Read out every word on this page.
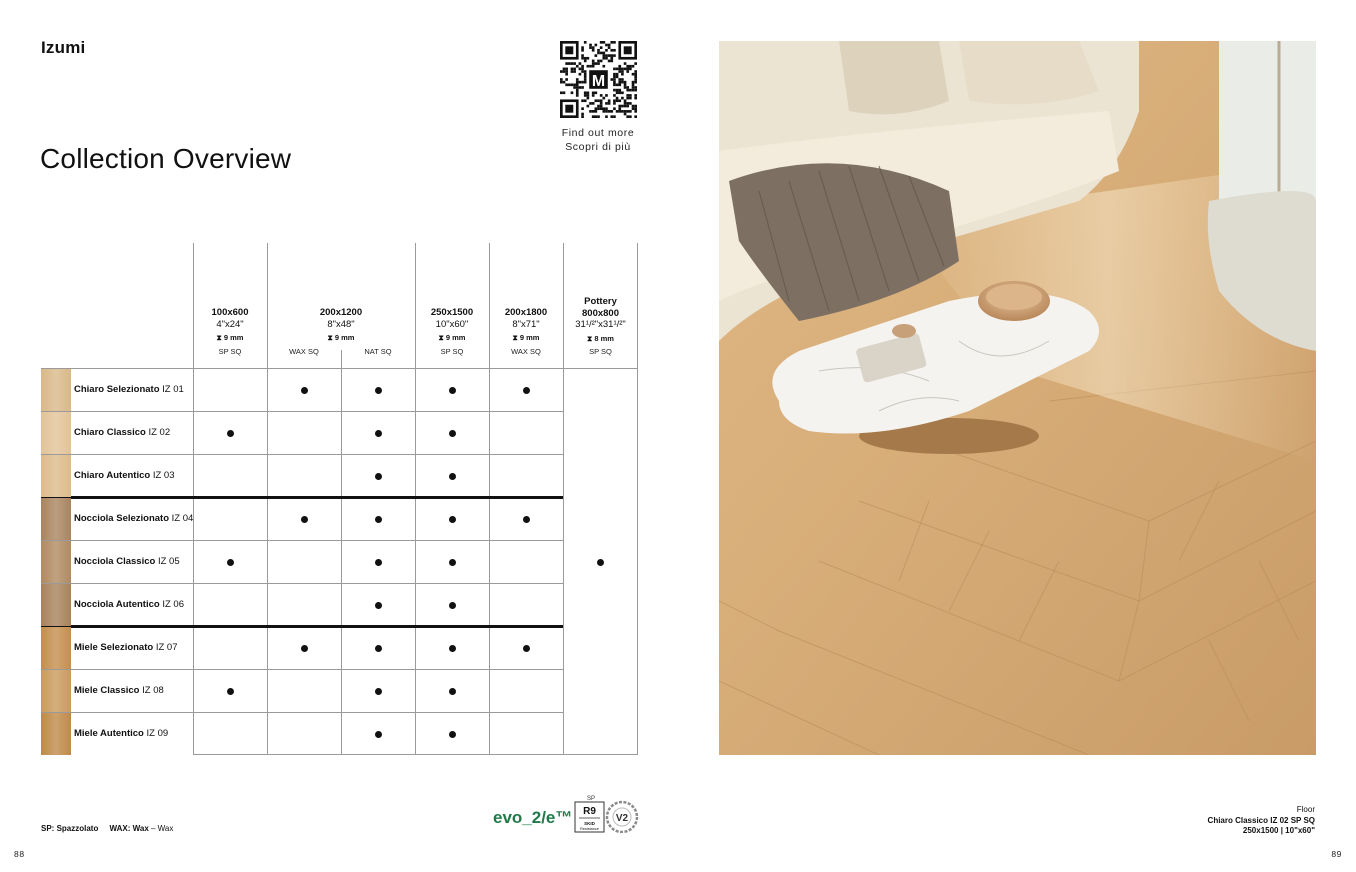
Izumi
Collection Overview
M
Find out more
Scopri di più
100x600
4"x24"
⧗ 9 mm
SP SQ
200x1200
8"x48"
⧗ 9 mm
WAX SQ	NAT SQ
250x1500
10"x60"
⧗ 9 mm
SP SQ
200x1800
8"x71"
⧗ 9 mm
WAX SQ
Pottery
800x800
31¹/²"x31¹/²"
⧗ 8 mm
SP SQ
Chiaro Selezionato IZ 01
Chiaro Classico IZ 02
Chiaro Autentico IZ 03
Nocciola Selezionato IZ 04
Nocciola Classico IZ 05
Nocciola Autentico IZ 06
Miele Selezionato IZ 07
Miele Classico IZ 08
Miele Autentico IZ 09
SP: Spazzolato WAX: Wax – Wax
evo_2/e™
SP
R9
SKID
Resistance
V2
Floor
Chiaro Classico IZ 02 SP SQ
250x1500 | 10"x60"
88	89
